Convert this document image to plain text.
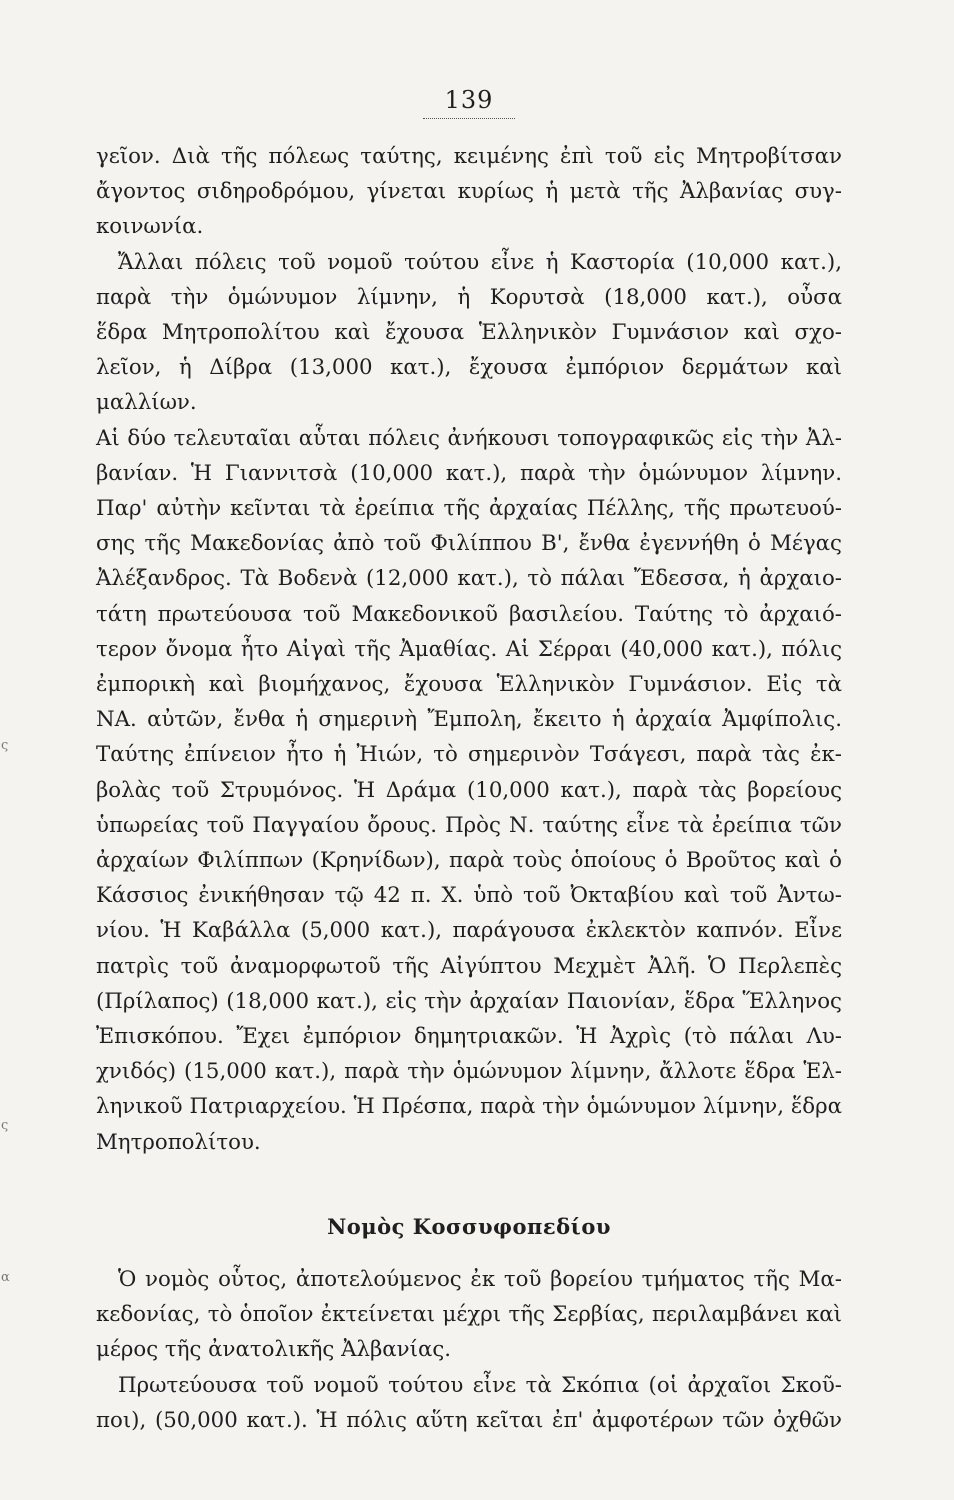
ς
ς
α
139

γεῖον. Διὰ τῆς πόλεως ταύτης, κειμένης ἐπὶ τοῦ εἰς Μητροβίτσαν

ἄγοντος σιδηροδρόμου, γίνεται κυρίως ἡ μετὰ τῆς Ἀλβανίας συγ-

κοινωνία.

Ἄλλαι πόλεις τοῦ νομοῦ τούτου εἶνε ἡ Καστορία (10,000 κατ.),

παρὰ τὴν ὁμώνυμον λίμνην, ἡ Κορυτσὰ (18,000 κατ.), οὖσα

ἕδρα Μητροπολίτου καὶ ἔχουσα Ἑλληνικὸν Γυμνάσιον καὶ σχο-

λεῖον, ἡ Δίβρα (13,000 κατ.), ἔχουσα ἐμπόριον δερμάτων καὶ μαλλίων.

Αἱ δύο τελευταῖαι αὗται πόλεις ἀνήκουσι τοπογραφικῶς εἰς τὴν Ἀλ-

βανίαν. Ἡ Γιαννιτσὰ (10,000 κατ.), παρὰ τὴν ὁμώνυμον λίμνην.

Παρ' αὐτὴν κεῖνται τὰ ἐρείπια τῆς ἀρχαίας Πέλλης, τῆς πρωτευού-

σης τῆς Μακεδονίας ἀπὸ τοῦ Φιλίππου Β', ἔνθα ἐγεννήθη ὁ Μέγας

Ἀλέξανδρος. Τὰ Βοδενὰ (12,000 κατ.), τὸ πάλαι Ἔδεσσα, ἡ ἀρχαιο-

τάτη πρωτεύουσα τοῦ Μακεδονικοῦ βασιλείου. Ταύτης τὸ ἀρχαιό-

τερον ὄνομα ἦτο Αἰγαὶ τῆς Ἀμαθίας. Αἱ Σέρραι (40,000 κατ.), πόλις

ἐμπορικὴ καὶ βιομήχανος, ἔχουσα Ἑλληνικὸν Γυμνάσιον. Εἰς τὰ

ΝΑ. αὐτῶν, ἔνθα ἡ σημερινὴ Ἔμπολη, ἔκειτο ἡ ἀρχαία Ἀμφίπολις.

Ταύτης ἐπίνειον ἦτο ἡ Ἠιών, τὸ σημερινὸν Τσάγεσι, παρὰ τὰς ἐκ-

βολὰς τοῦ Στρυμόνος. Ἡ Δράμα (10,000 κατ.), παρὰ τὰς βορείους

ὑπωρείας τοῦ Παγγαίου ὄρους. Πρὸς Ν. ταύτης εἶνε τὰ ἐρείπια τῶν

ἀρχαίων Φιλίππων (Κρηνίδων), παρὰ τοὺς ὁποίους ὁ Βροῦτος καὶ ὁ

Κάσσιος ἐνικήθησαν τῷ 42 π. Χ. ὑπὸ τοῦ Ὀκταβίου καὶ τοῦ Ἀντω-

νίου. Ἡ Καβάλλα (5,000 κατ.), παράγουσα ἐκλεκτὸν καπνόν. Εἶνε

πατρὶς τοῦ ἀναμορφωτοῦ τῆς Αἰγύπτου Μεχμὲτ Ἀλῆ. Ὁ Περλεπὲς

(Πρίλαπος) (18,000 κατ.), εἰς τὴν ἀρχαίαν Παιονίαν, ἕδρα Ἕλληνος

Ἐπισκόπου. Ἔχει ἐμπόριον δημητριακῶν. Ἡ Ἀχρὶς (τὸ πάλαι Λυ-

χνιδός) (15,000 κατ.), παρὰ τὴν ὁμώνυμον λίμνην, ἄλλοτε ἕδρα Ἑλ-

ληνικοῦ Πατριαρχείου. Ἡ Πρέσπα, παρὰ τὴν ὁμώνυμον λίμνην, ἕδρα

Μητροπολίτου.

Νομὸς Κοσσυφοπεδίου

Ὁ νομὸς οὗτος, ἀποτελούμενος ἐκ τοῦ βορείου τμήματος τῆς Μα-

κεδονίας, τὸ ὁποῖον ἐκτείνεται μέχρι τῆς Σερβίας, περιλαμβάνει καὶ

μέρος τῆς ἀνατολικῆς Ἀλβανίας.

Πρωτεύουσα τοῦ νομοῦ τούτου εἶνε τὰ Σκόπια (οἱ ἀρχαῖοι Σκοῦ-

ποι), (50,000 κατ.). Ἡ πόλις αὕτη κεῖται ἐπ' ἀμφοτέρων τῶν ὀχθῶν
